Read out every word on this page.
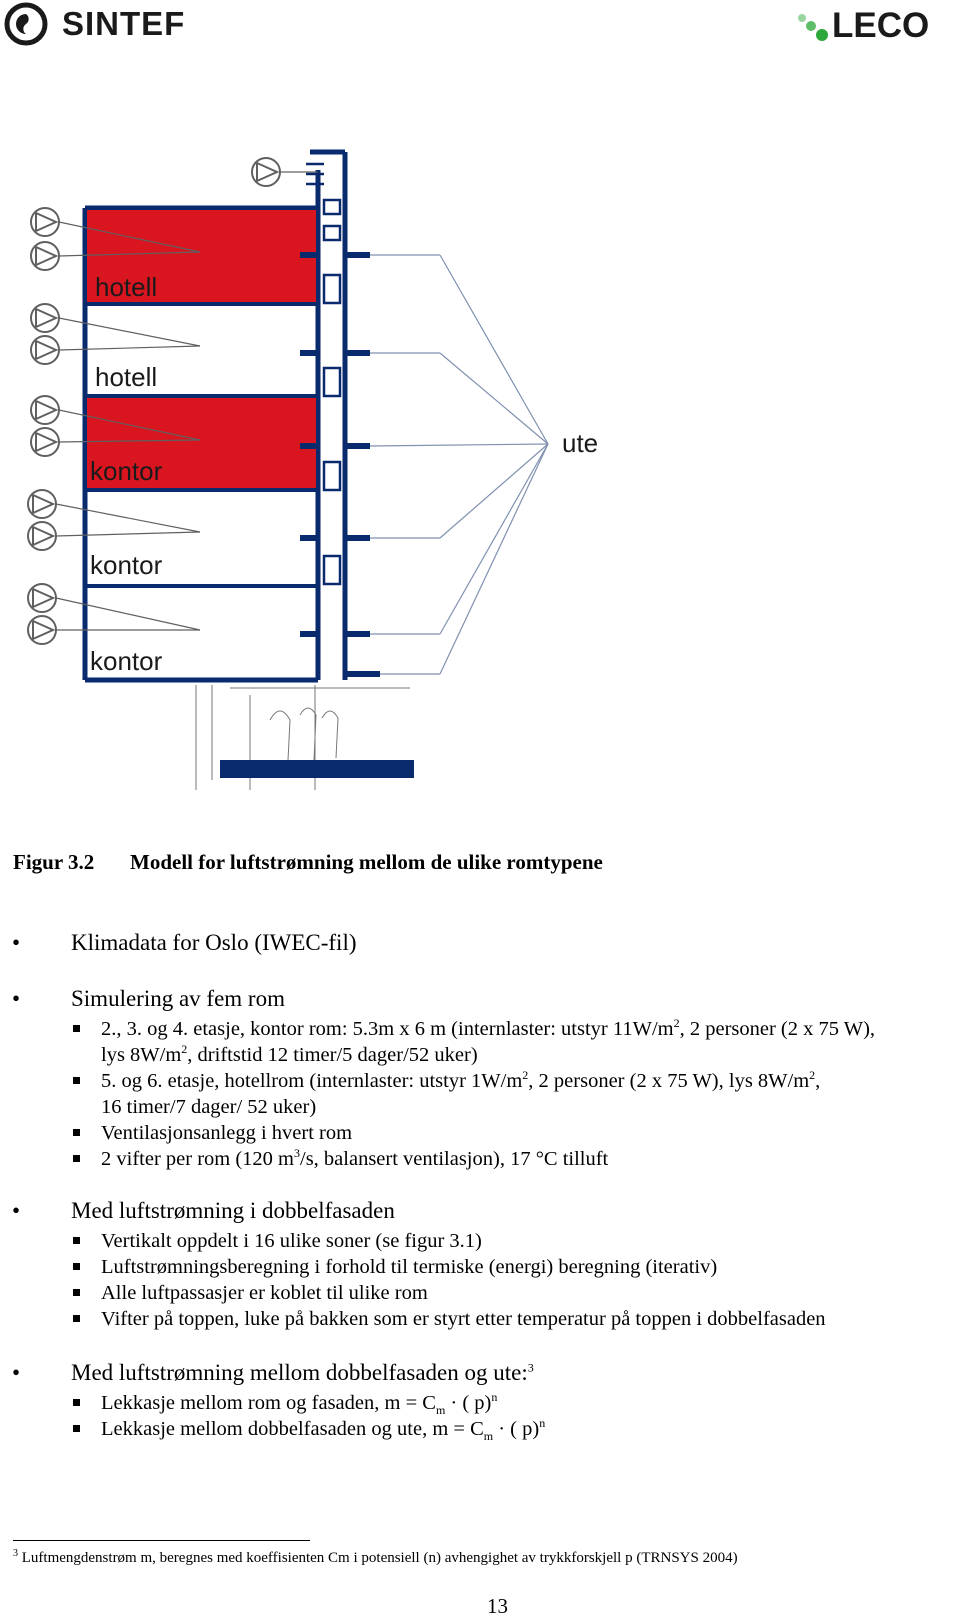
SINTEF	LECO
hotell
hotell
kontor
kontor
kontor
ute
Figur 3.2 Modell for luftstrømning mellom de ulike romtypene
• Klimadata for Oslo (IWEC-fil)
• Simulering av fem rom
2., 3. og 4. etasje, kontor rom: 5.3m x 6 m (internlaster: utstyr $11W/m^2$, 2 personer (2 x 75 W),
lys $8W/m^2$, driftstid 12 timer/5 dager/52 uker)
5. og 6. etasje, hotellrom (internlaster: utstyr $1W/m^2$, 2 personer (2 x 75 W), lys $8W/m^2$,
16 timer/7 dager/ 52 uker)
Ventilasjonsanlegg i hvert rom
2 vifter per rom (120 $m^3/s$, balansert ventilasjon), 17 °C tilluft
• Med luftstrømning i dobbelfasaden
Vertikalt oppdelt i 16 ulike soner (se figur 3.1)
Luftstrømningsberegning i forhold til termiske (energi) beregning (iterativ)
Alle luftpassasjer er koblet til ulike rom
Vifter på toppen, luke på bakken som er styrt etter temperatur på toppen i dobbelfasaden
• Med luftstrømning mellom dobbelfasaden og ute:$^3$
Lekkasje mellom rom og fasaden, $m = C_m$ · ( p)$^n$
Lekkasje mellom dobbelfasaden og ute, $m = C_m$ · ( p)$^n$
$^3$ Luftmengdenstrøm m, beregnes med koeffisienten Cm i potensiell (n) avhengighet av trykkforskjell p (TRNSYS 2004)
13
